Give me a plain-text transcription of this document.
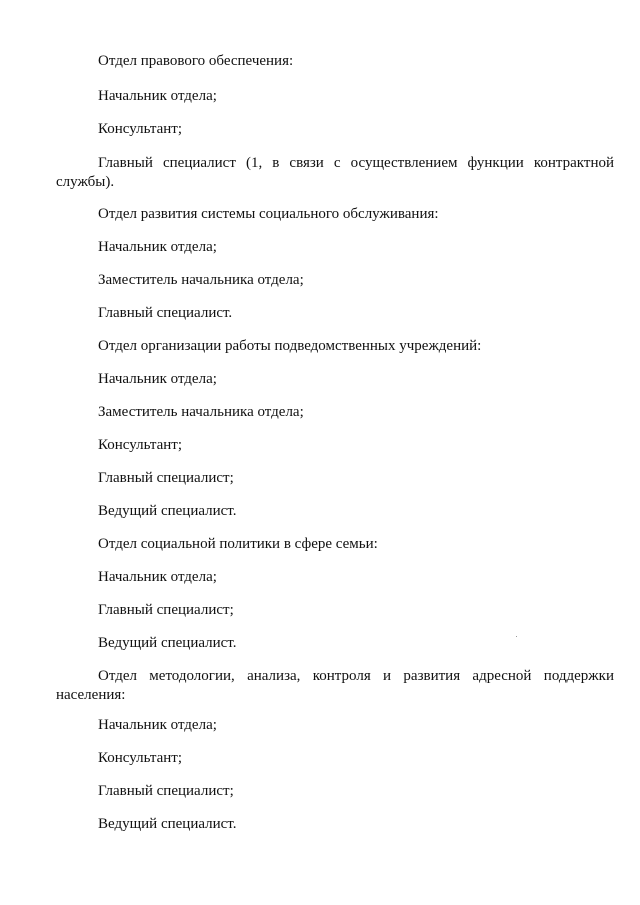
Отдел правового обеспечения:

Начальник отдела;

Консультант;

Главный специалист (1, в связи с осуществлением функции контрактной службы).

Отдел развития системы социального обслуживания:

Начальник отдела;

Заместитель начальника отдела;

Главный специалист.

Отдел организации работы подведомственных учреждений:

Начальник отдела;

Заместитель начальника отдела;

Консультант;

Главный специалист;

Ведущий специалист.

Отдел социальной политики в сфере семьи:

Начальник отдела;

Главный специалист;

Ведущий специалист.

Отдел методологии, анализа, контроля и развития адресной поддержки населения:

Начальник отдела;

Консультант;

Главный специалист;

Ведущий специалист.
